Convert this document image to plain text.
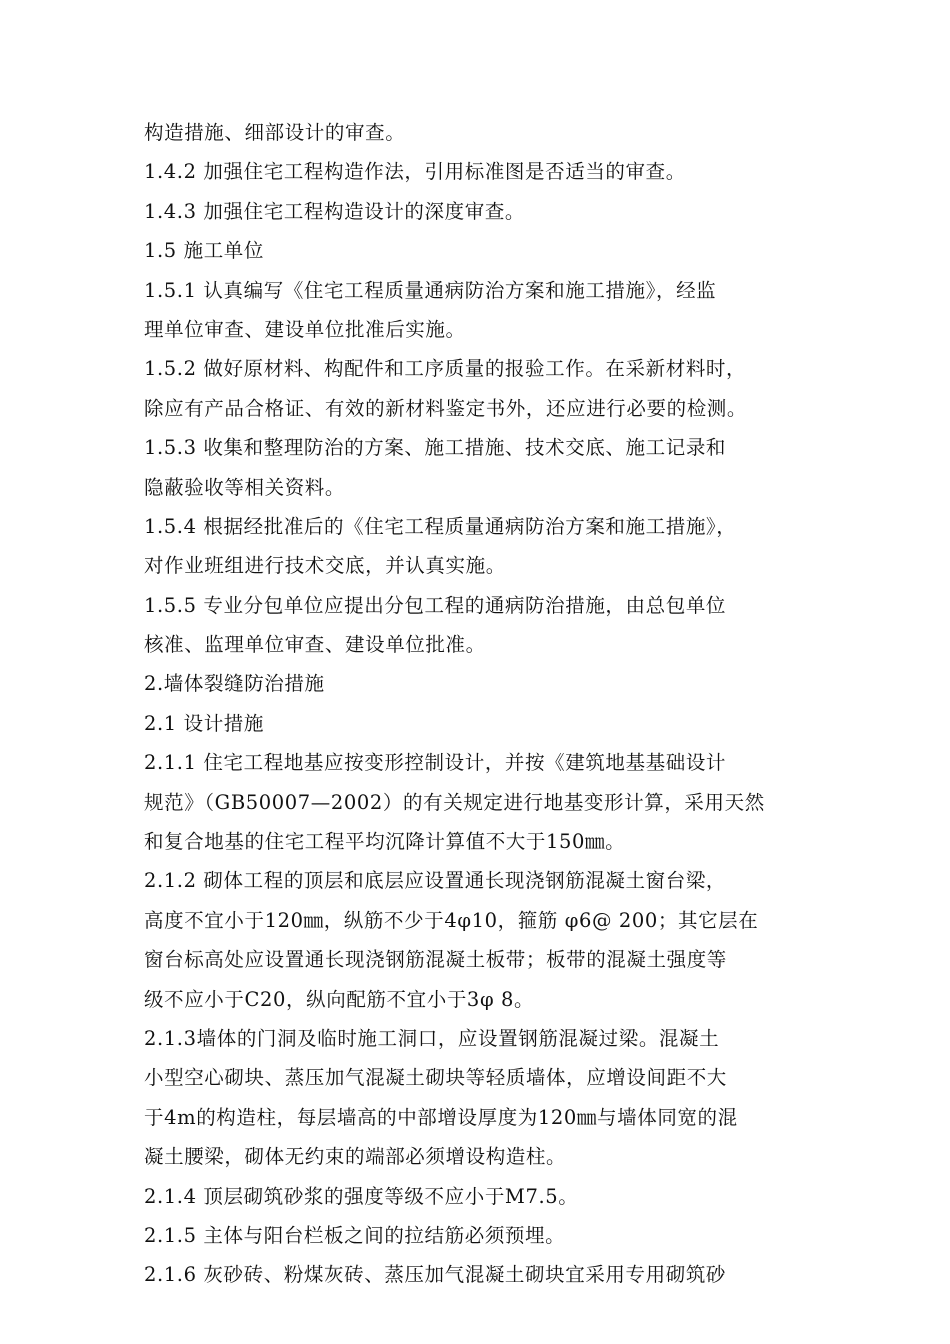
构造措施、细部设计的审查。
1.4.2 加强住宅工程构造作法，引用标准图是否适当的审查。
1.4.3 加强住宅工程构造设计的深度审查。
1.5 施工单位
1.5.1 认真编写《住宅工程质量通病防治方案和施工措施》，经监
理单位审查、建设单位批准后实施。
1.5.2 做好原材料、构配件和工序质量的报验工作。在采新材料时，
除应有产品合格证、有效的新材料鉴定书外，还应进行必要的检测。
1.5.3 收集和整理防治的方案、施工措施、技术交底、施工记录和
隐蔽验收等相关资料。
1.5.4 根据经批准后的《住宅工程质量通病防治方案和施工措施》，
对作业班组进行技术交底，并认真实施。
1.5.5 专业分包单位应提出分包工程的通病防治措施，由总包单位
核准、监理单位审查、建设单位批准。
2.墙体裂缝防治措施
2.1 设计措施
2.1.1 住宅工程地基应按变形控制设计，并按《建筑地基基础设计
规范》（GB50007—2002）的有关规定进行地基变形计算，采用天然
和复合地基的住宅工程平均沉降计算值不大于150㎜。
2.1.2 砌体工程的顶层和底层应设置通长现浇钢筋混凝土窗台梁，
高度不宜小于120㎜，纵筋不少于4φ10，箍筋 φ6@ 200；其它层在
窗台标高处应设置通长现浇钢筋混凝土板带；板带的混凝土强度等
级不应小于C20，纵向配筋不宜小于3φ 8。
2.1.3墙体的门洞及临时施工洞口，应设置钢筋混凝过梁。混凝土
小型空心砌块、蒸压加气混凝土砌块等轻质墙体，应增设间距不大
于4m的构造柱，每层墙高的中部增设厚度为120㎜与墙体同宽的混
凝土腰梁，砌体无约束的端部必须增设构造柱。
2.1.4 顶层砌筑砂浆的强度等级不应小于M7.5。
2.1.5 主体与阳台栏板之间的拉结筋必须预埋。
2.1.6 灰砂砖、粉煤灰砖、蒸压加气混凝土砌块宜采用专用砌筑砂
